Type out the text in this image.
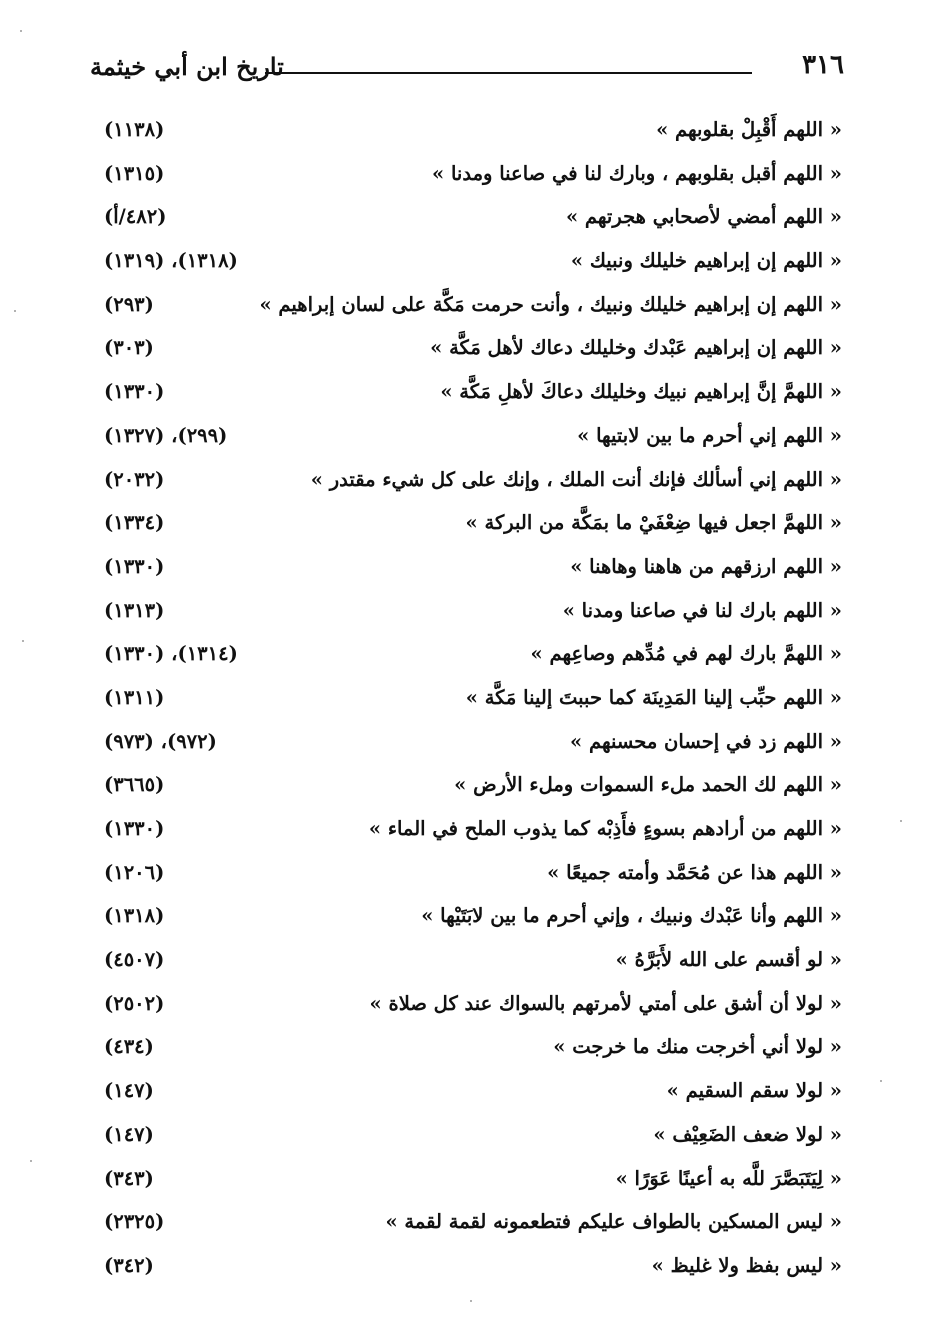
٣١٦
تاريخ ابن أبي خيثمة
« اللهم أَقْبِلْ بقلوبهم »
(١١٣٨)
« اللهم أقبل بقلوبهم ، وبارك لنا في صاعنا ومدنا »
(١٣١٥)
« اللهم أمضي لأصحابي هجرتهم »
(٤٨٢/أ)
« اللهم إن إبراهيم خليلك ونبيك »
(١٣١٨)، (١٣١٩)
« اللهم إن إبراهيم خليلك ونبيك ، وأنت حرمت مَكَّة على لسان إبراهيم »
(٢٩٣)
« اللهم إن إبراهيم عَبْدك وخليلك دعاك لأهل مَكَّة »
(٣٠٣)
« اللهمَّ إنَّ إبراهيم نبيك وخليلك دعاكَ لأهلِ مَكَّة »
(١٣٣٠)
« اللهم إني أحرم ما بين لابتيها »
(٢٩٩)، (١٣٢٧)
« اللهم إني أسألك فإنك أنت الملك ، وإنك على كل شيء مقتدر »
(٢٠٣٢)
« اللهمَّ اجعل فيها ضِعْفَيْ ما بمَكَّة من البركة »
(١٣٣٤)
« اللهم ارزقهم من هاهنا وهاهنا »
(١٣٣٠)
« اللهم بارك لنا في صاعنا ومدنا »
(١٣١٣)
« اللهمَّ بارك لهم في مُدِّهم وصاعِهم »
(١٣١٤)، (١٣٣٠)
« اللهم حبِّب إلينا المَدِينَة كما حببتَ إلينا مَكَّة »
(١٣١١)
« اللهم زد في إحسان محسنهم »
(٩٧٢)، (٩٧٣)
« اللهم لك الحمد ملء السموات وملء الأرض »
(٣٦٦٥)
« اللهم من أرادهم بسوءٍ فأَذِبْه كما يذوب الملح في الماء »
(١٣٣٠)
« اللهم هذا عن مُحَمَّد وأمته جميعًا »
(١٢٠٦)
« اللهم وأنا عَبْدك ونبيك ، وإني أحرم ما بين لابَتَيْها »
(١٣١٨)
« لو أقسم على الله لأَبَرَّهُ »
(٤٥٠٧)
« لولا أن أشق على أمتي لأمرتهم بالسواك عند كل صلاة »
(٢٥٠٢)
« لولا أني أخرجت منك ما خرجت »
(٤٣٤)
« لولا سقم السقيم »
(١٤٧)
« لولا ضعف الضَعِيْف »
(١٤٧)
« لِيَتَبَصَّرَ للَّه به أعينًا عَوَرًا »
(٣٤٣)
« ليس المسكين بالطواف عليكم فتطعمونه لقمة لقمة »
(٢٣٢٥)
« ليس بفظ ولا غليظ »
(٣٤٢)
